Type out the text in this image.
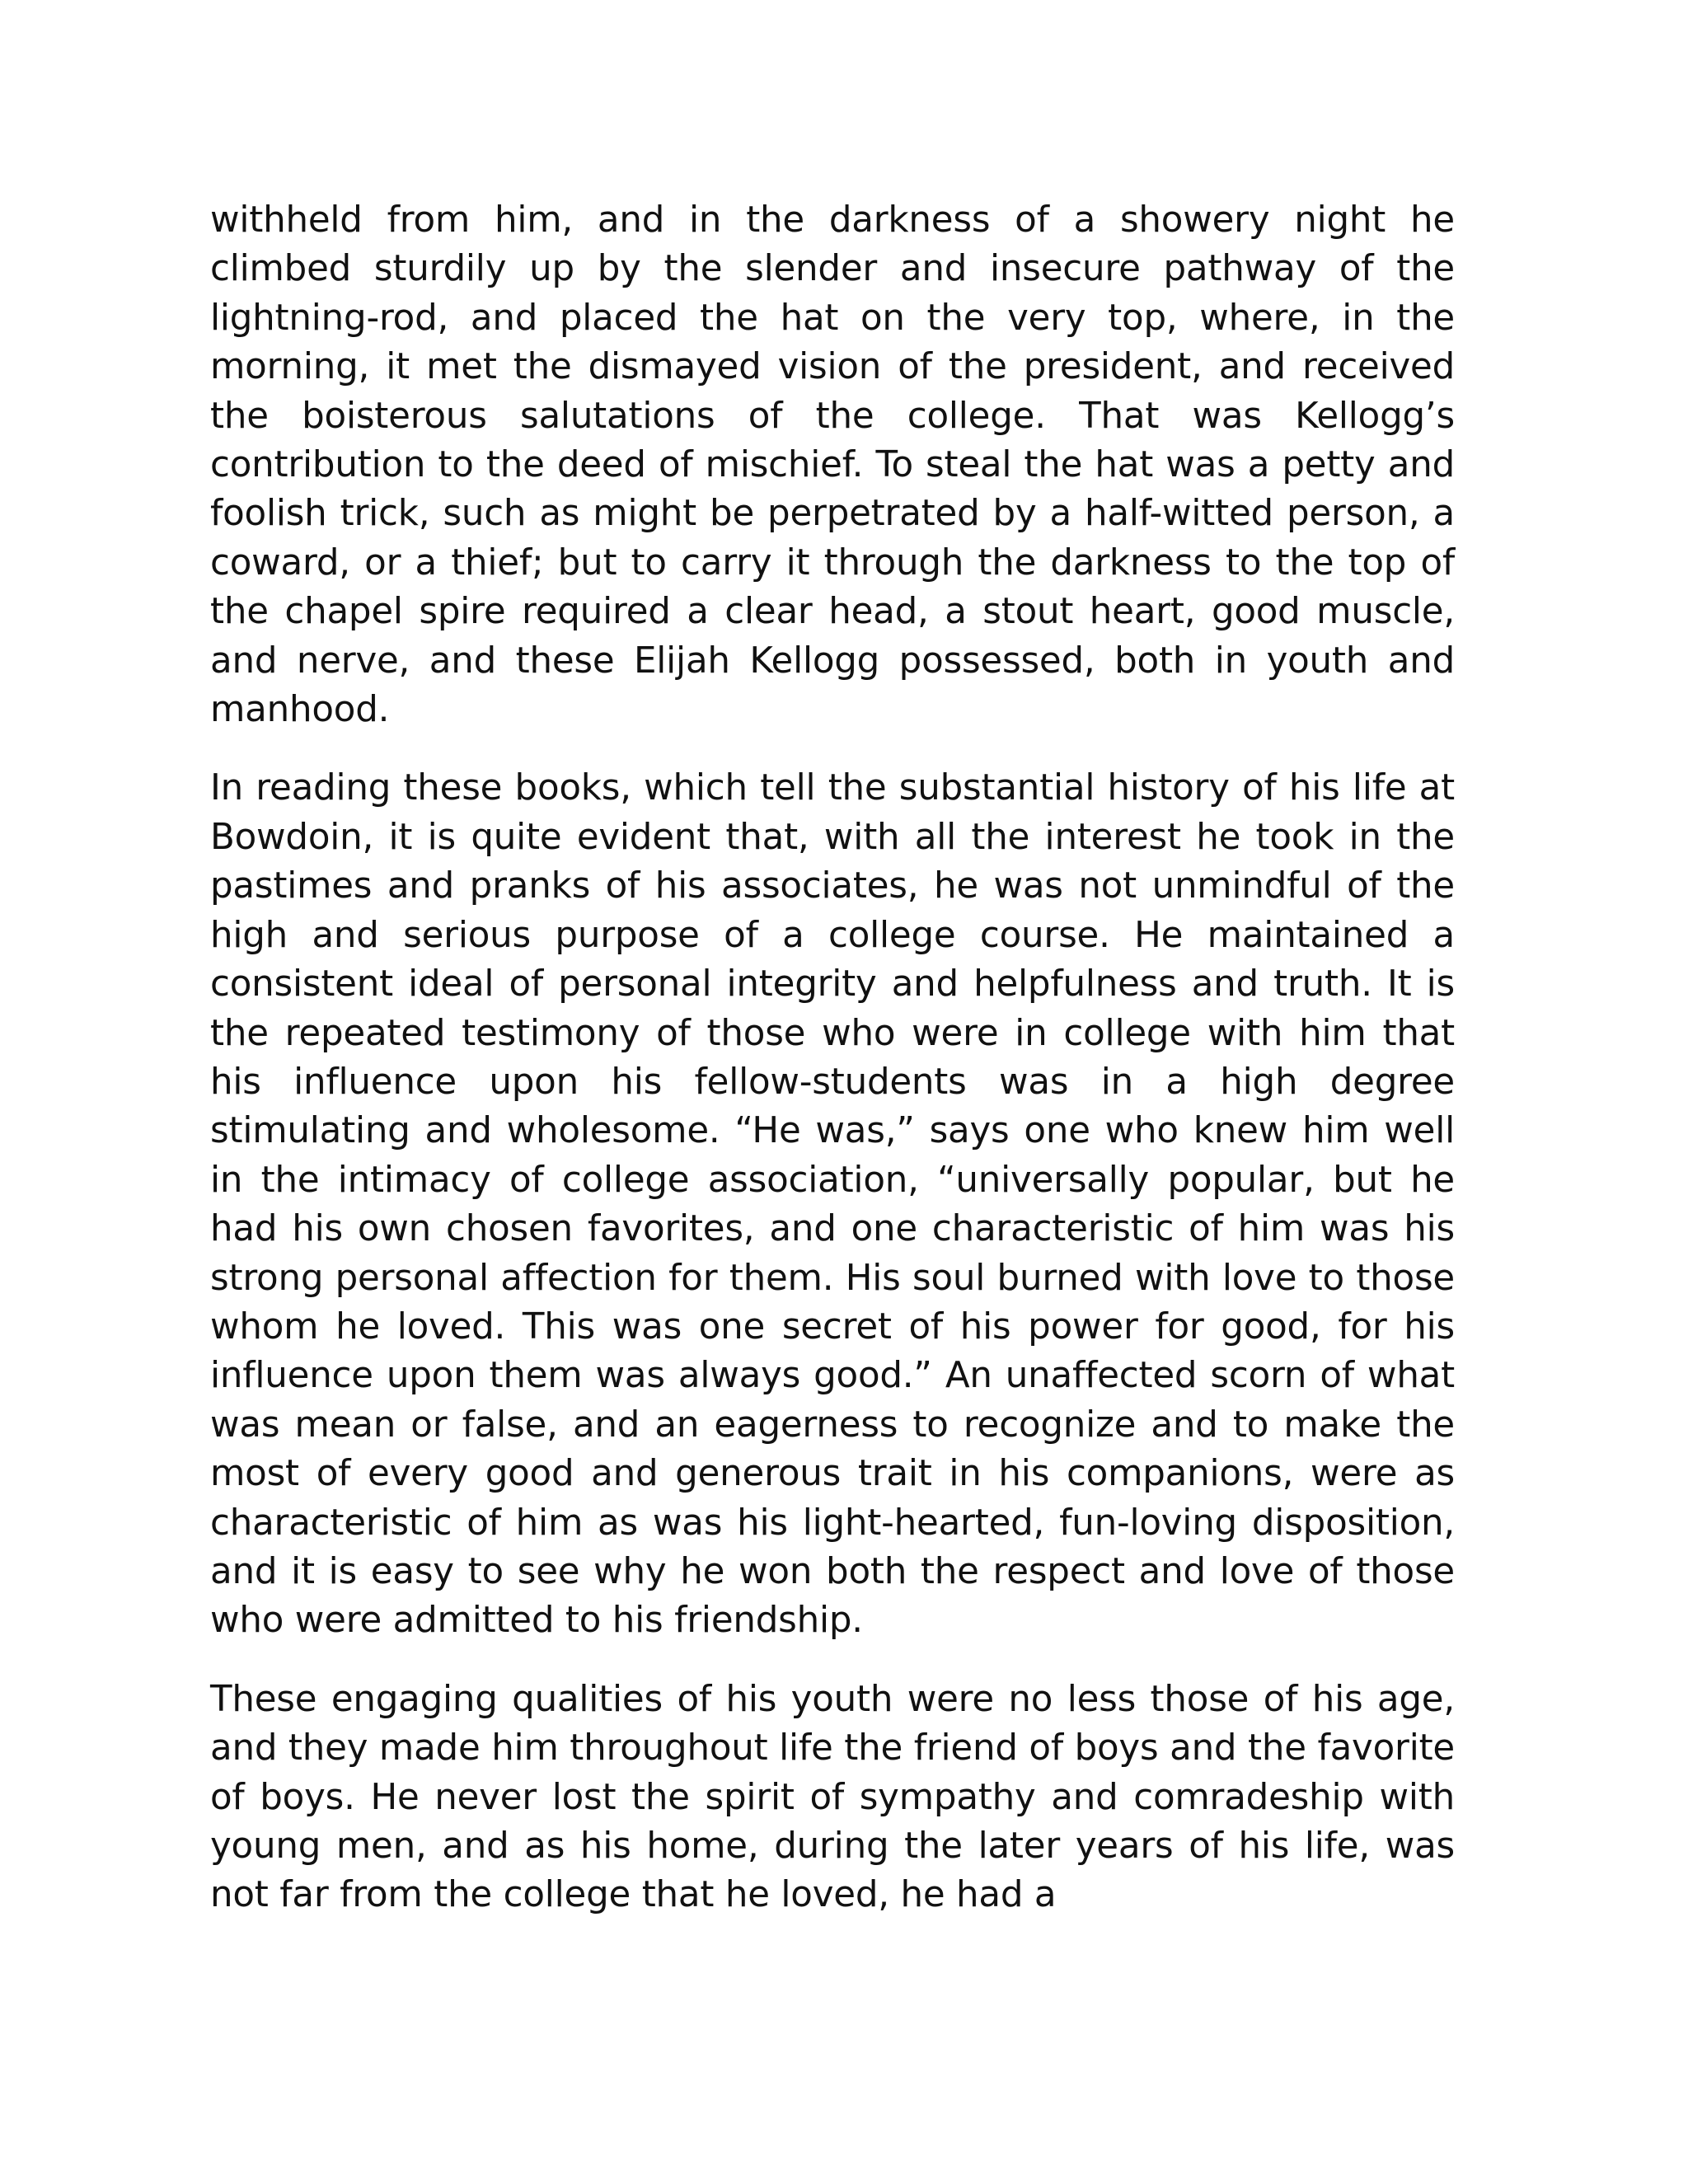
withheld from him, and in the darkness of a showery night he climbed sturdily up by the slender and insecure pathway of the lightning-rod, and placed the hat on the very top, where, in the morning, it met the dismayed vision of the president, and received the boisterous salutations of the college. That was Kellogg’s contribution to the deed of mischief. To steal the hat was a petty and foolish trick, such as might be perpetrated by a half-witted person, a coward, or a thief; but to carry it through the darkness to the top of the chapel spire required a clear head, a stout heart, good muscle, and nerve, and these Elijah Kellogg possessed, both in youth and manhood.

In reading these books, which tell the substantial history of his life at Bowdoin, it is quite evident that, with all the interest he took in the pastimes and pranks of his associates, he was not unmindful of the high and serious purpose of a college course. He maintained a consistent ideal of personal integrity and helpfulness and truth. It is the repeated testimony of those who were in college with him that his influence upon his fellow-students was in a high degree stimulating and wholesome. “He was,” says one who knew him well in the intimacy of college association, “universally popular, but he had his own chosen favorites, and one characteristic of him was his strong personal affection for them. His soul burned with love to those whom he loved. This was one secret of his power for good, for his influence upon them was always good.” An unaffected scorn of what was mean or false, and an eagerness to recognize and to make the most of every good and generous trait in his companions, were as characteristic of him as was his light-hearted, fun-loving disposition, and it is easy to see why he won both the respect and love of those who were admitted to his friendship.

These engaging qualities of his youth were no less those of his age, and they made him throughout life the friend of boys and the favorite of boys. He never lost the spirit of sympathy and comradeship with young men, and as his home, during the later years of his life, was not far from the college that he loved, he had a
